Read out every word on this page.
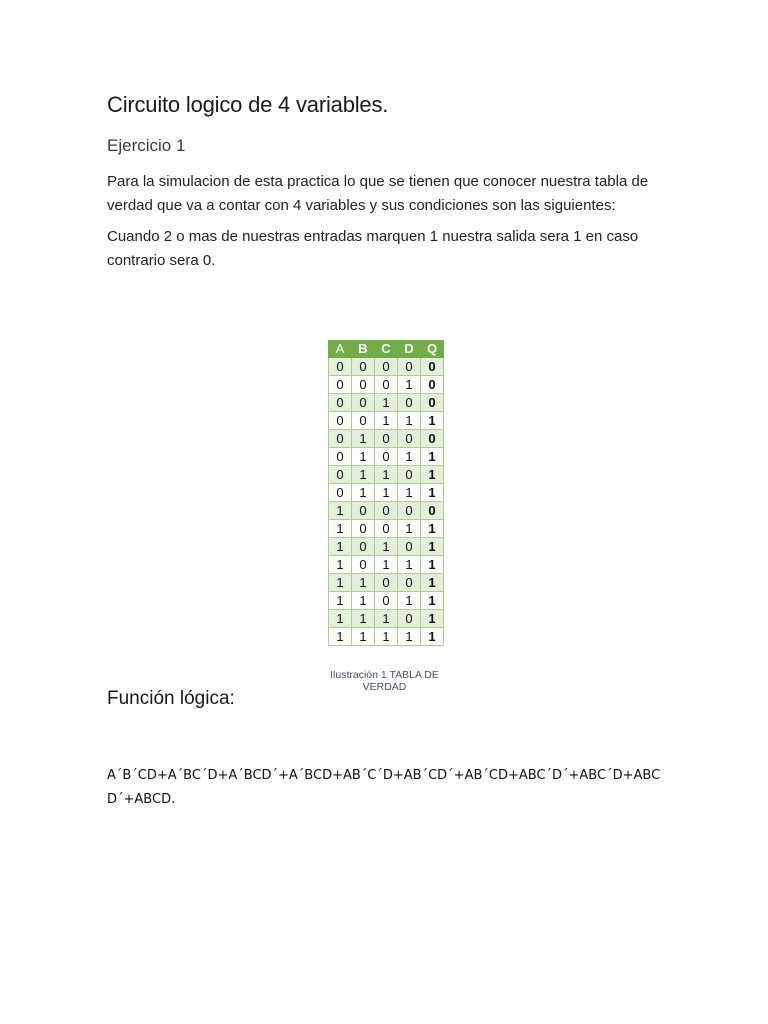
Circuito logico de 4 variables.
Ejercicio 1

Para la simulacion de esta practica lo que se tienen que conocer nuestra tabla de verdad que va a contar con 4 variables y sus condiciones son las siguientes:

Cuando 2 o mas de nuestras entradas marquen 1 nuestra salida sera 1 en caso contrario sera 0.

A	B	C	D	Q
0	0	0	0	0
0	0	0	1	0
0	0	1	0	0
0	0	1	1	1
0	1	0	0	0
0	1	0	1	1
0	1	1	0	1
0	1	1	1	1
1	0	0	0	0
1	0	0	1	1
1	0	1	0	1
1	0	1	1	1
1	1	0	0	1
1	1	0	1	1
1	1	1	0	1
1	1	1	1	1

Ilustración 1 TABLA DE VERDAD

Función lógica:

A´B´CD+A´BC´D+A´BCD´+A´BCD+AB´C´D+AB´CD´+AB´CD+ABC´D´+ABC´D+ABC D´+ABCD.
